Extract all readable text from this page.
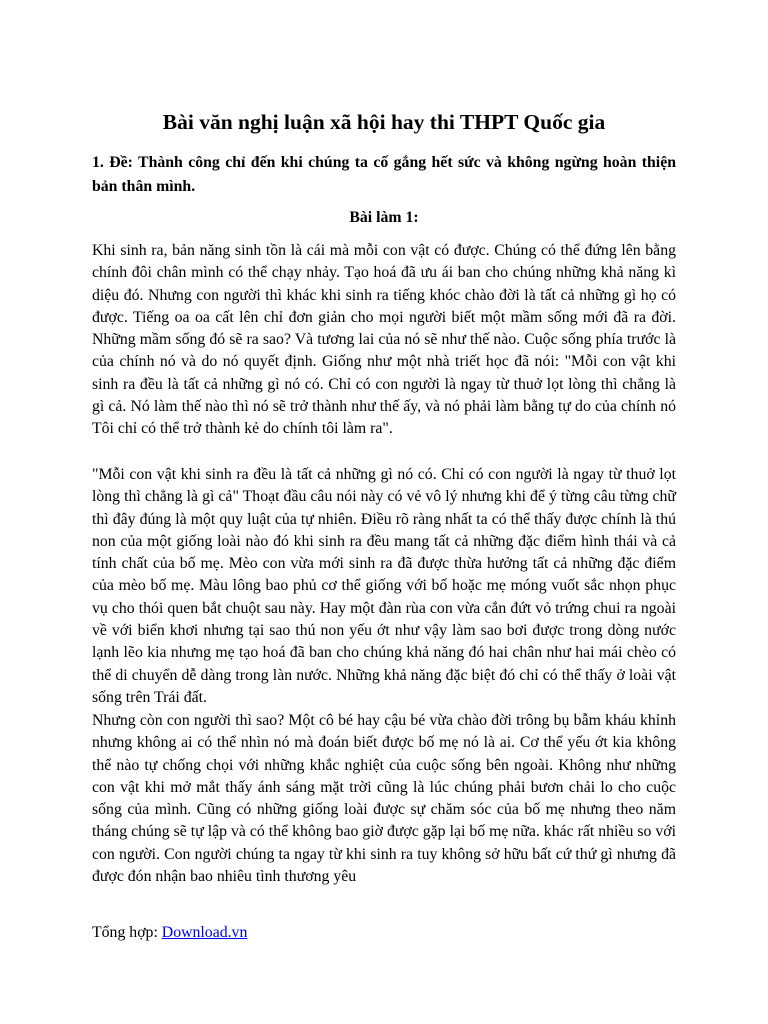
Bài văn nghị luận xã hội hay thi THPT Quốc gia

1. Đề: Thành công chỉ đến khi chúng ta cố gắng hết sức và không ngừng hoàn thiện bản thân mình.

Bài làm 1:

Khi sinh ra, bản năng sinh tồn là cái mà mỗi con vật có được. Chúng có thể đứng lên bằng chính đôi chân mình có thể chạy nhảy. Tạo hoá đã ưu ái ban cho chúng những khả năng kì diệu đó. Nhưng con người thì khác khi sinh ra tiếng khóc chào đời là tất cả những gì họ có được. Tiếng oa oa cất lên chỉ đơn giản cho mọi người biết một mầm sống mới đã ra đời. Những mầm sống đó sẽ ra sao? Và tương lai của nó sẽ như thế nào. Cuộc sống phía trước là của chính nó và do nó quyết định. Giống như một nhà triết học đã nói: "Mỗi con vật khi sinh ra đều là tất cả những gì nó có. Chỉ có con người là ngay từ thuở lọt lòng thì chẳng là gì cả. Nó làm thế nào thì nó sẽ trở thành như thế ấy, và nó phải làm bằng tự do của chính nó Tôi chỉ có thể trở thành kẻ do chính tôi làm ra".

"Mỗi con vật khi sinh ra đều là tất cả những gì nó có. Chỉ có con người là ngay từ thuở lọt lòng thì chẳng là gì cả" Thoạt đầu câu nói này có vẻ vô lý nhưng khi để ý từng câu từng chữ thì đây đúng là một quy luật của tự nhiên. Điều rõ ràng nhất ta có thể thấy được chính là thú non của một giống loài nào đó khi sinh ra đều mang tất cả những đặc điểm hình thái và cả tính chất của bố mẹ. Mèo con vừa mới sinh ra đã được thừa hưởng tất cả những đặc điểm của mèo bố mẹ. Màu lông bao phủ cơ thể giống với bố hoặc mẹ móng vuốt sắc nhọn phục vụ cho thói quen bắt chuột sau này. Hay một đàn rùa con vừa cắn đứt vỏ trứng chui ra ngoài về với biển khơi nhưng tại sao thú non yếu ớt như vậy làm sao bơi được trong dòng nước lạnh lẽo kia nhưng mẹ tạo hoá đã ban cho chúng khả năng đó hai chân như hai mái chèo có thể di chuyển dễ dàng trong làn nước. Những khả năng đặc biệt đó chỉ có thể thấy ở loài vật sống trên Trái đất.

Nhưng còn con người thì sao? Một cô bé hay cậu bé vừa chào đời trông bụ bẫm kháu khỉnh nhưng không ai có thể nhìn nó mà đoán biết được bố mẹ nó là ai. Cơ thể yếu ớt kia không thể nào tự chống chọi với những khắc nghiệt của cuộc sống bên ngoài. Không như những con vật khi mở mắt thấy ánh sáng mặt trời cũng là lúc chúng phải bươn chải lo cho cuộc sống của mình. Cũng có những giống loài được sự chăm sóc của bố mẹ nhưng theo năm tháng chúng sẽ tự lập và có thể không bao giờ được gặp lại bố mẹ nữa. khác rất nhiều so với con người. Con người chúng ta ngay từ khi sinh ra tuy không sở hữu bất cứ thứ gì nhưng đã được đón nhận bao nhiêu tình thương yêu

Tổng hợp: Download.vn
